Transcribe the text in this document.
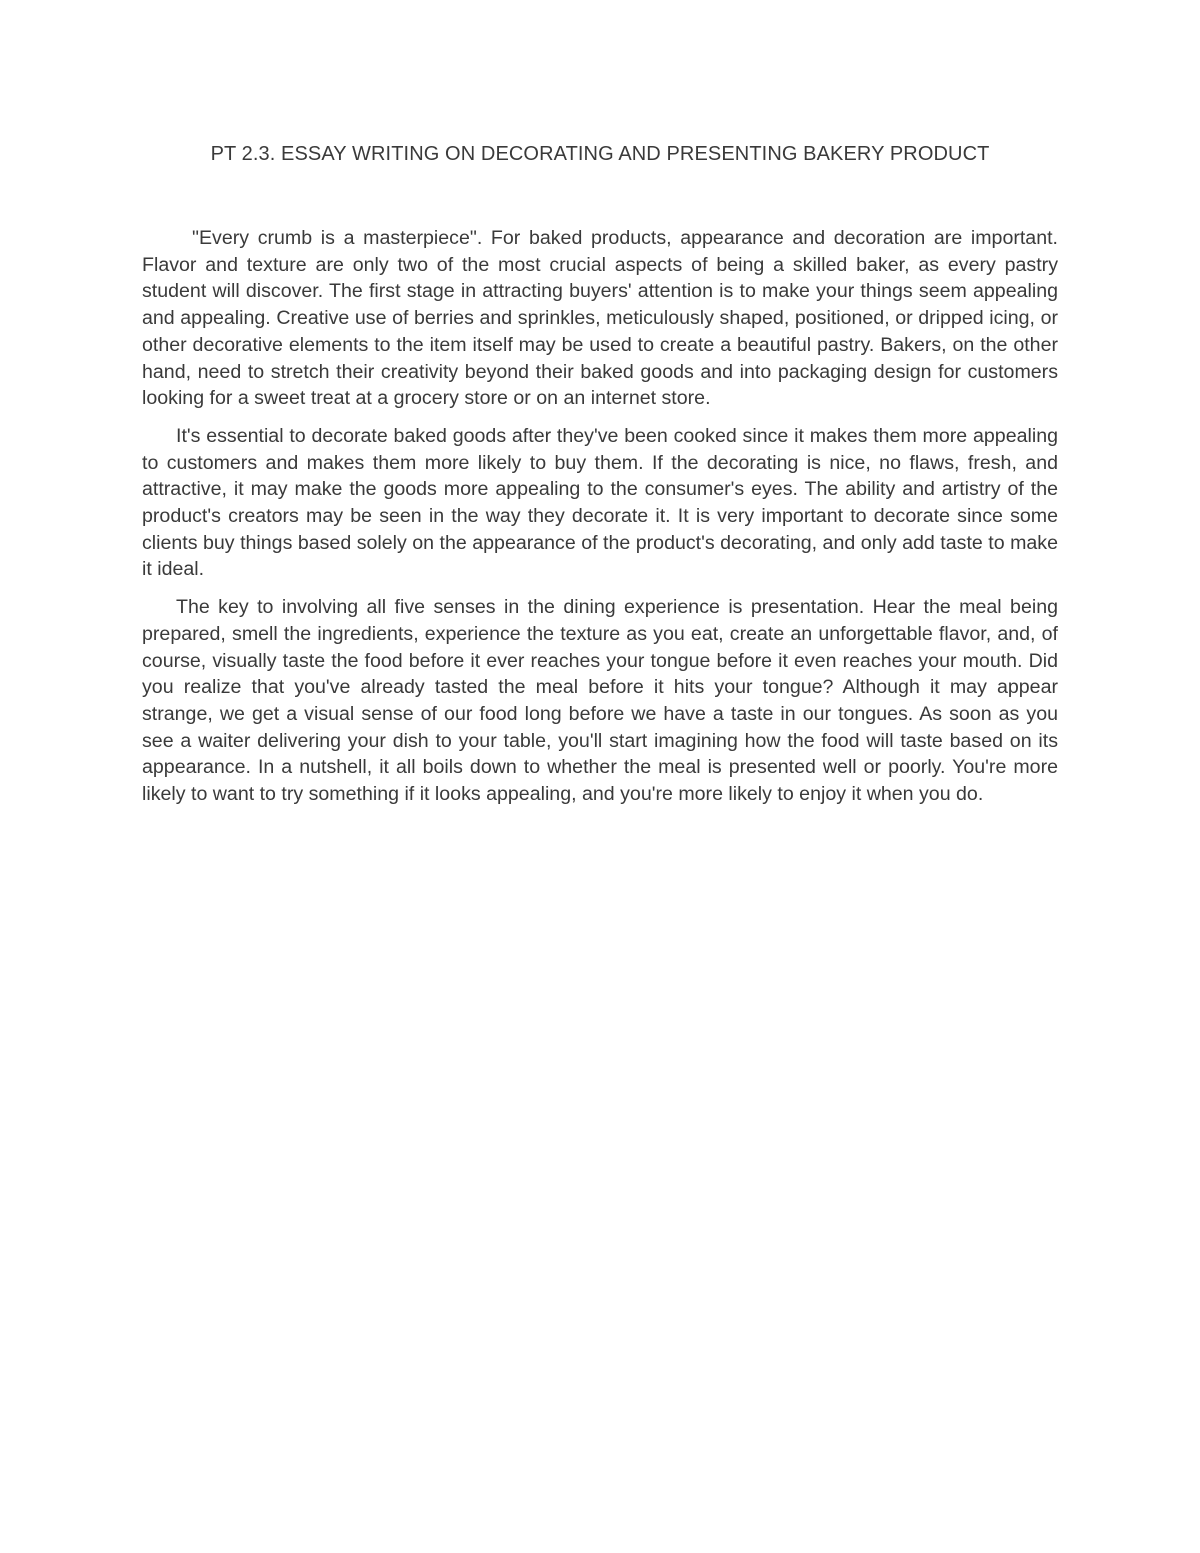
PT 2.3. ESSAY WRITING ON DECORATING AND PRESENTING BAKERY PRODUCT

"Every crumb is a masterpiece". For baked products, appearance and decoration are important. Flavor and texture are only two of the most crucial aspects of being a skilled baker, as every pastry student will discover. The first stage in attracting buyers' attention is to make your things seem appealing and appealing. Creative use of berries and sprinkles, meticulously shaped, positioned, or dripped icing, or other decorative elements to the item itself may be used to create a beautiful pastry. Bakers, on the other hand, need to stretch their creativity beyond their baked goods and into packaging design for customers looking for a sweet treat at a grocery store or on an internet store.

It's essential to decorate baked goods after they've been cooked since it makes them more appealing to customers and makes them more likely to buy them. If the decorating is nice, no flaws, fresh, and attractive, it may make the goods more appealing to the consumer's eyes. The ability and artistry of the product's creators may be seen in the way they decorate it. It is very important to decorate since some clients buy things based solely on the appearance of the product's decorating, and only add taste to make it ideal.

The key to involving all five senses in the dining experience is presentation. Hear the meal being prepared, smell the ingredients, experience the texture as you eat, create an unforgettable flavor, and, of course, visually taste the food before it ever reaches your tongue before it even reaches your mouth. Did you realize that you've already tasted the meal before it hits your tongue? Although it may appear strange, we get a visual sense of our food long before we have a taste in our tongues. As soon as you see a waiter delivering your dish to your table, you'll start imagining how the food will taste based on its appearance. In a nutshell, it all boils down to whether the meal is presented well or poorly. You're more likely to want to try something if it looks appealing, and you're more likely to enjoy it when you do.
